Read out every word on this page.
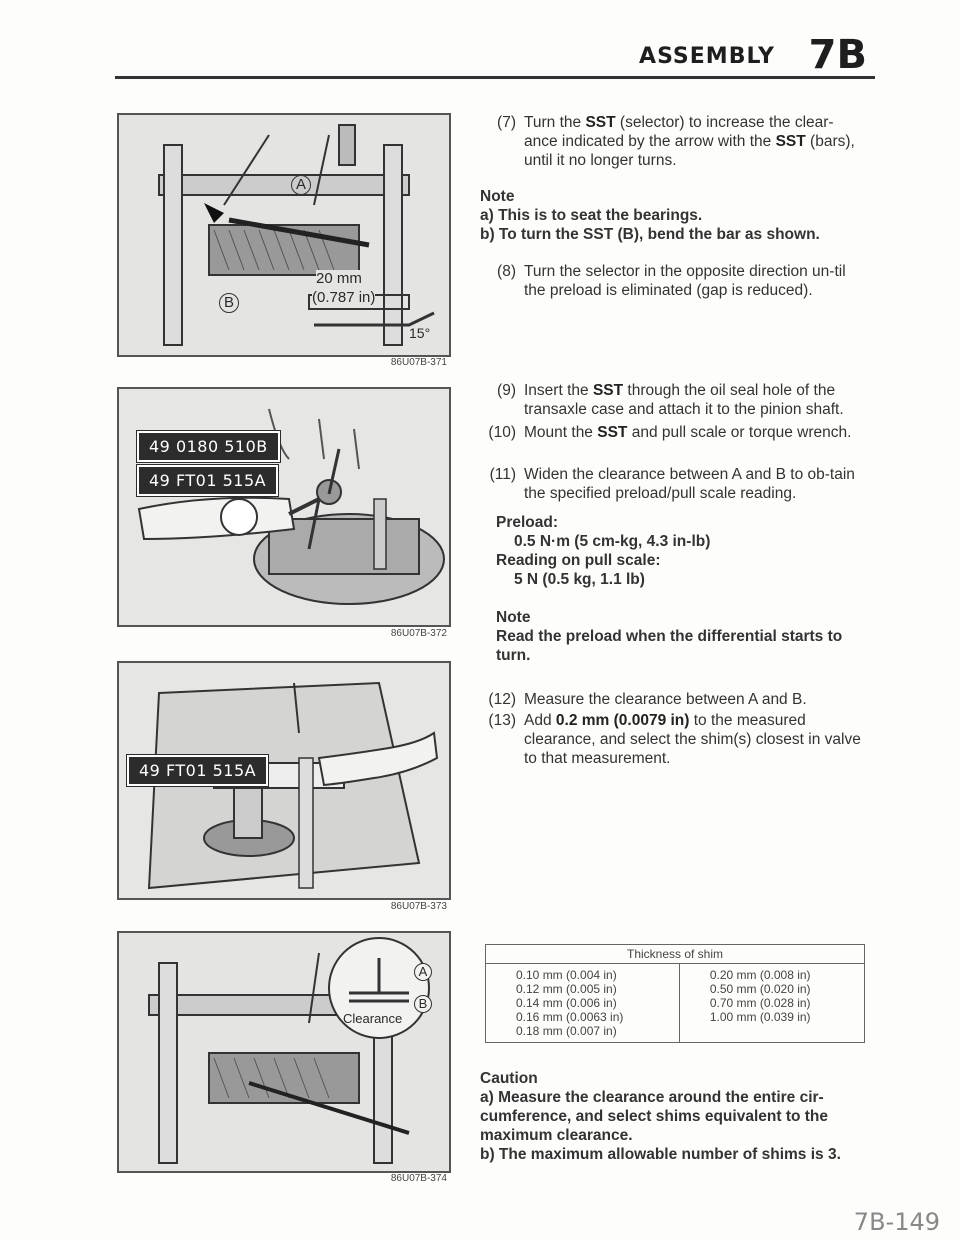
ASSEMBLY 7B
A
B
20 mm
(0.787 in)
15°
86U07B-371
49 0180 510B
49 FT01 515A
86U07B-372
49 FT01 515A
86U07B-373
A
B
Clearance
86U07B-374

(7) Turn the SST (selector) to increase the clear-ance indicated by the arrow with the SST (bars), until it no longer turns.

Note
a) This is to seat the bearings.
b) To turn the SST (B), bend the bar as shown.

(8) Turn the selector in the opposite direction un-til the preload is eliminated (gap is reduced).

(9) Insert the SST through the oil seal hole of the transaxle case and attach it to the pinion shaft.

(10) Mount the SST and pull scale or torque wrench.

(11) Widen the clearance between A and B to ob-tain the specified preload/pull scale reading.

Preload:
0.5 N·m (5 cm-kg, 4.3 in-lb)
Reading on pull scale:
5 N (0.5 kg, 1.1 lb)
Note
Read the preload when the differential starts to turn.

(12) Measure the clearance between A and B.

(13) Add 0.2 mm (0.0079 in) to the measured clearance, and select the shim(s) closest in valve to that measurement.

Thickness of shim

0.10 mm (0.004 in)
0.12 mm (0.005 in)
0.14 mm (0.006 in)
0.16 mm (0.0063 in)
0.18 mm (0.007 in)

0.20 mm (0.008 in)
0.50 mm (0.020 in)
0.70 mm (0.028 in)
1.00 mm (0.039 in)
Caution
a) Measure the clearance around the entire cir-cumference, and select shims equivalent to the maximum clearance.
b) The maximum allowable number of shims is 3.
7B-149
